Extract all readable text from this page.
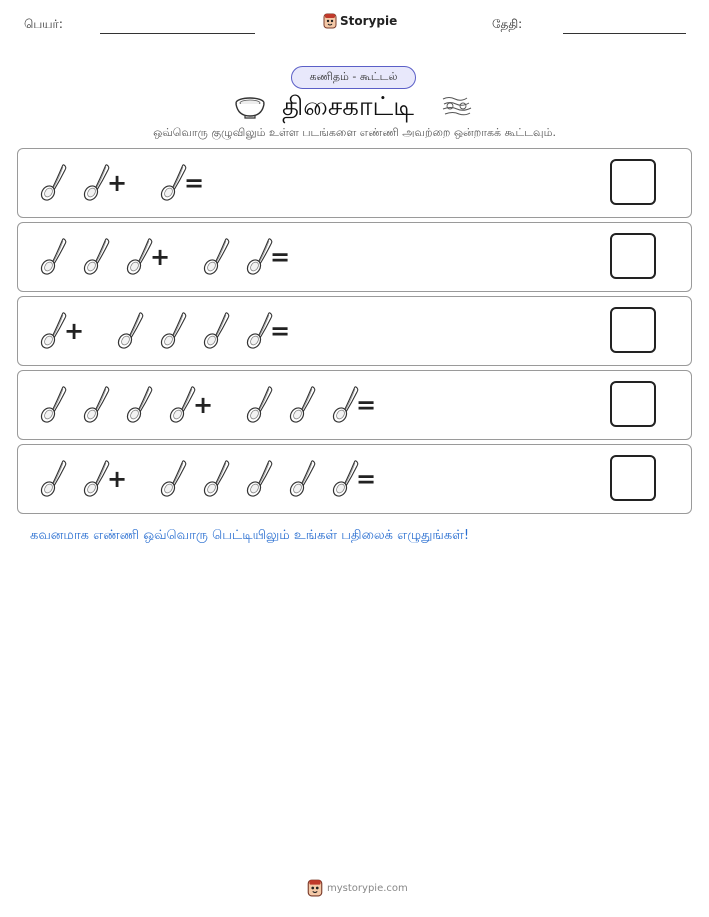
பெயர்:	Storypie	தேதி:
கணிதம் - கூட்டல்
திசைகாட்டி
ஒவ்வொரு குழுவிலும் உள்ள படங்களை எண்ணி அவற்றை ஒன்றாகக் கூட்டவும்.
+ =
+	=
+	=
+	=
+	=
கவனமாக எண்ணி ஒவ்வொரு பெட்டியிலும் உங்கள் பதிலைக் எழுதுங்கள்!
mystorypie.com
